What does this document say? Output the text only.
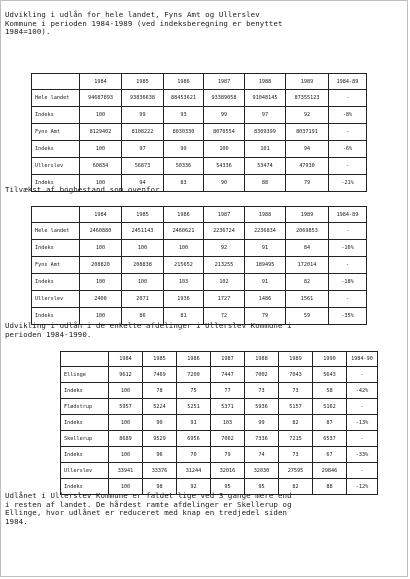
Udvikling i udlån for hele landet, Fyns Amt og Ullerslev
Kommune i perioden 1984-1989 (ved indeksberegning er benyttet
1984=100).
	1984	1985	1986	1987	1988	1989	1984-89
Hele landet	94687893	93836638	88453621	93389058	91048145	87355123	-
Indeks	100	99	93	99	97	92	-8%
Fyns Amt	8129402	8108222	8030330	8070554	8309399	8037191	-
Indeks	100	97	99	100	101	94	-6%
Ullerslev	60834	56873	50336	54336	53474	47930	-
Indeks	100	94	83	90	88	79	-21%
Tilvækst af bogbestand som ovenfor.
	1984	1985	1986	1987	1988	1989	1984-89
Hele landet	2460880	2451143	2460621	2236724	2236834	2069853	-
Indeks	100	100	100	92	91	84	-16%
Fyns Amt	208820	208838	215652	213255	189495	172014	-
Indeks	100	100	103	102	91	82	-18%
Ullerslev	2400	2071	1936	1727	1486	1561	-
Indeks	100	86	81	72	79	59	-35%
Udvikling i udlån i de enkelte afdelinger i Ullerslev Kommune i
perioden 1984-1990.
	1984	1985	1986	1987	1988	1989	1990	1984-90
Ellinge	9612	7469	7200	7447	7002	7043	5643	-
Indeks	100	78	75	77	73	73	58	-42%
Flødstrup	5957	5224	5251	5371	5936	5157	5162	-
Indeks	100	90	91	103	99	82	87	-13%
Skellerup	8689	9529	6956	7062	7336	7215	6537	-
Indeks	100	96	70	79	74	73	67	-33%
Ullerslev	33941	33376	31244	32016	32030	27595	29846	-
Indeks	100	98	92	95	95	82	88	-12%
Udlånet i Ullerslev Kommune er faldet lige ved 3 gange mere end
i resten af landet. De hårdest ramte afdelinger er Skellerup og
Ellinge, hvor udlånet er reduceret med knap en tredjedel siden
1984.
